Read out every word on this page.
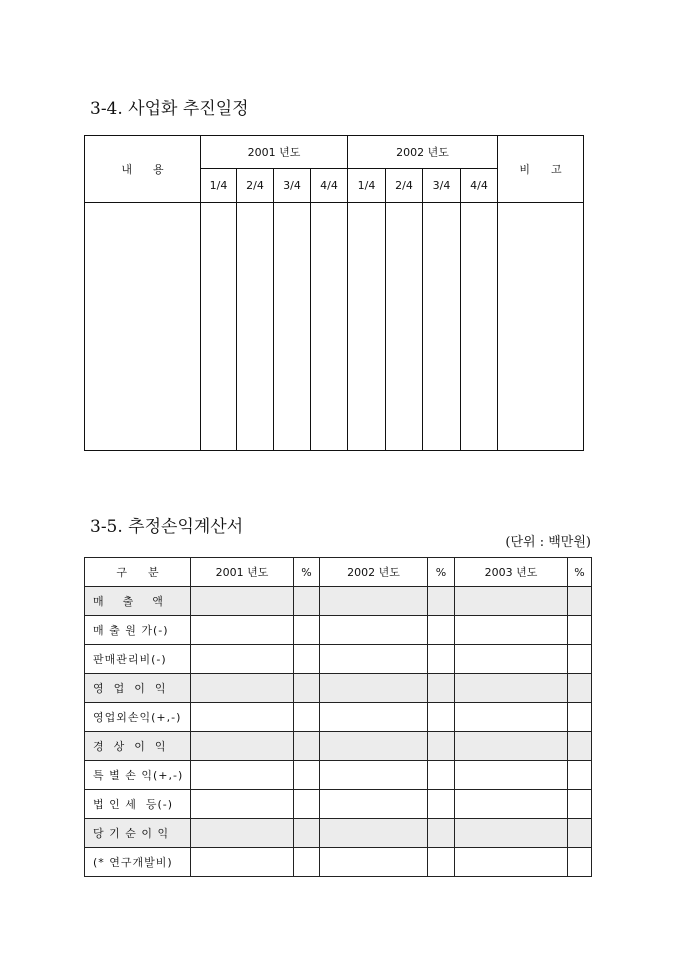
3-4. 사업화 추진일정
내      용	2001 년도				2002 년도				비      고
	1/4	2/4	3/4	4/4	1/4	2/4	3/4	4/4	

3-5. 추정손익계산서
(단위 : 백만원)
구      분	2001 년도	%	2002 년도	%	2003 년도	%
매    출    액						
매 출 원 가(-)						
판매관리비(-)						
영  업  이  익						
영업외손익(+,-)						
경  상  이  익						
특 별 손 익(+,-)						
법 인 세  등(-)						
당 기 순 이 익						
(* 연구개발비)						
